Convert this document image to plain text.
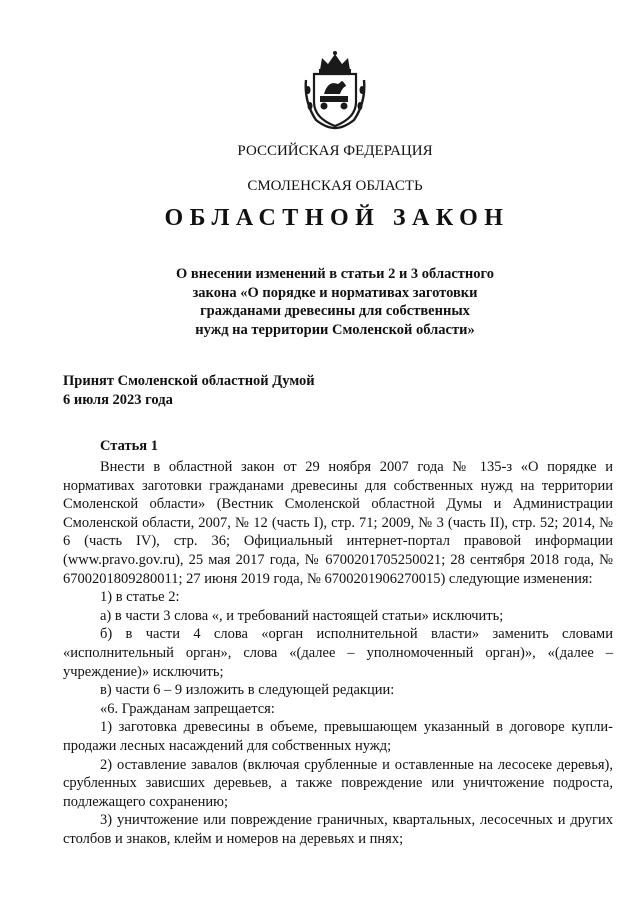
РОССИЙСКАЯ ФЕДЕРАЦИЯ
СМОЛЕНСКАЯ ОБЛАСТЬ
ОБЛАСТНОЙ ЗАКОН
О внесении изменений в статьи 2 и 3 областного
закона «О порядке и нормативах заготовки
гражданами древесины для собственных
нужд на территории Смоленской области»
Принят Смоленской областной Думой
6 июля 2023 года
Статья 1

Внести в областной закон от 29 ноября 2007 года № 135-з «О порядке и нормативах заготовки гражданами древесины для собственных нужд на территории Смоленской области» (Вестник Смоленской областной Думы и Администрации Смоленской области, 2007, № 12 (часть I), стр. 71; 2009, № 3 (часть II), стр. 52; 2014, № 6 (часть IV), стр. 36; Официальный интернет-портал правовой информации (www.pravo.gov.ru), 25 мая 2017 года, № 6700201705250021; 28 сентября 2018 года, № 6700201809280011; 27 июня 2019 года, № 6700201906270015) следующие изменения:

1) в статье 2:

а) в части 3 слова «, и требований настоящей статьи» исключить;

б) в части 4 слова «орган исполнительной власти» заменить словами «исполнительный орган», слова «(далее – уполномоченный орган)», «(далее – учреждение)» исключить;

в) части 6 – 9 изложить в следующей редакции:

«6. Гражданам запрещается:

1) заготовка древесины в объеме, превышающем указанный в договоре купли-продажи лесных насаждений для собственных нужд;

2) оставление завалов (включая срубленные и оставленные на лесосеке деревья), срубленных зависших деревьев, а также повреждение или уничтожение подроста, подлежащего сохранению;

3) уничтожение или повреждение граничных, квартальных, лесосечных и других столбов и знаков, клейм и номеров на деревьях и пнях;
